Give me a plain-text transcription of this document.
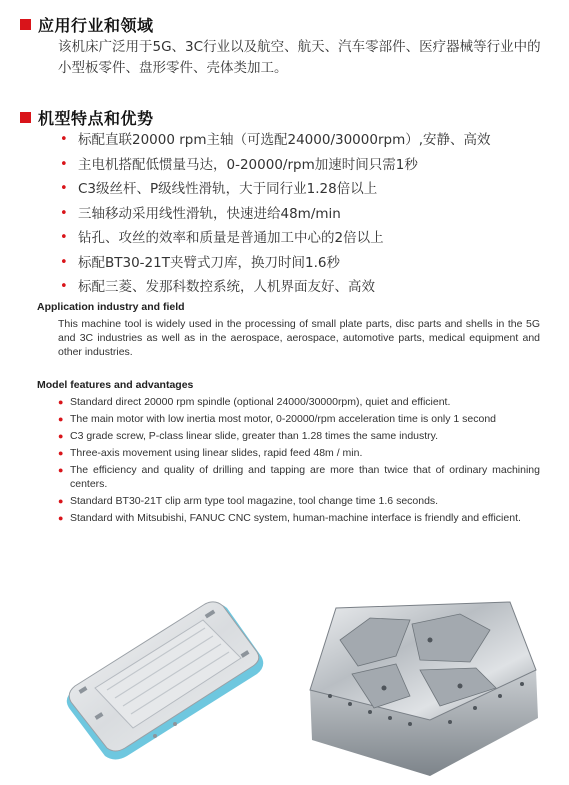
应用行业和领域
该机床广泛用于5G、3C行业以及航空、航天、汽车零部件、医疗器械等行业中的小型板零件、盘形零件、壳体类加工。
机型特点和优势
• 标配直联20000 rpm主轴（可选配24000/30000rpm）,安静、高效
• 主电机搭配低惯量马达，0-20000/rpm加速时间只需1秒
• C3级丝杆、P级线性滑轨，大于同行业1.28倍以上
• 三轴移动采用线性滑轨，快速进给48m/min
• 钻孔、攻丝的效率和质量是普通加工中心的2倍以上
• 标配BT30-21T夹臂式刀库，换刀时间1.6秒
• 标配三菱、发那科数控系统，人机界面友好、高效
Application industry and field
This machine tool is widely used in the processing of small plate parts, disc parts and shells in the 5G and 3C industries as well as in the aerospace, aerospace, automotive parts, medical equipment and other industries.
Model features and advantages
● Standard direct 20000 rpm spindle (optional 24000/30000rpm), quiet and efficient.
● The main motor with low inertia most motor, 0-20000/rpm acceleration time is only 1 second
● C3 grade screw, P-class linear slide, greater than 1.28 times the same industry.
● Three-axis movement using linear slides, rapid feed 48m / min.
● The efficiency and quality of drilling and tapping are more than twice that of ordinary machining centers.
● Standard BT30-21T clip arm type tool magazine, tool change time 1.6 seconds.
● Standard with Mitsubishi, FANUC CNC system, human-machine interface is friendly and efficient.
